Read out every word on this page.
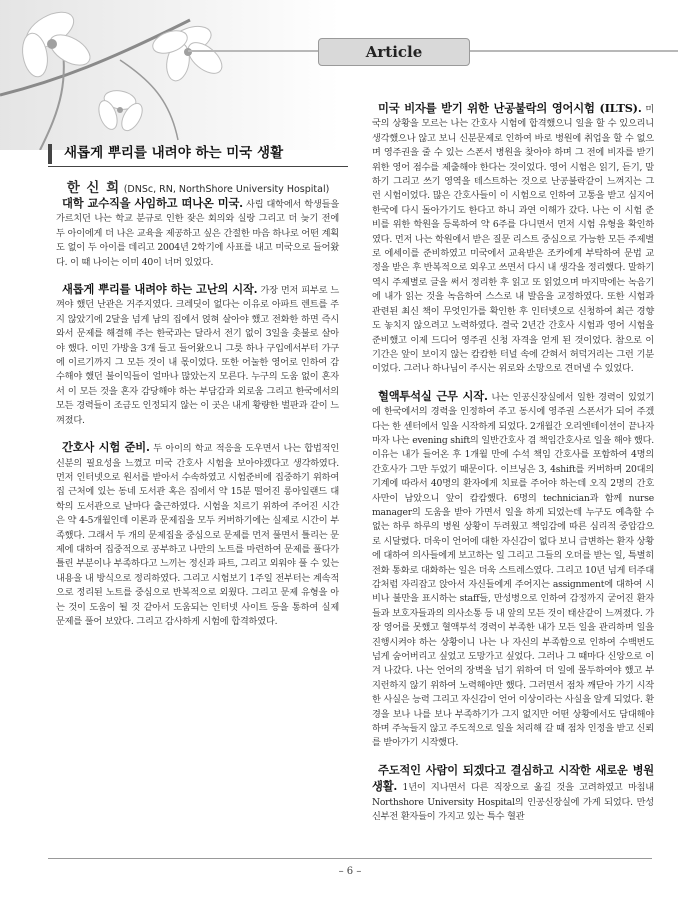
Article
새롭게 뿌리를 내려야 하는 미국 생활
한 신 희 (DNSc, RN, NorthShore University Hospital)

대학 교수직을 사임하고 떠나온 미국. 사립 대학에서 학생들을 가르치던 나는 학교 분규로 인한 잦은 회의와 실랑 그리고 더 늦기 전에 두 아이에게 더 나은 교육을 제공하고 싶은 간절한 마음 하나로 어떤 계획도 없이 두 아이를 데리고 2004년 2학기에 사표를 내고 미국으로 들어왔다. 이 때 나이는 이미 40이 너머 있었다.

새롭게 뿌리를 내려야 하는 고난의 시작. 가장 먼저 피부로 느껴야 했던 난관은 거주지였다. 크레딧이 없다는 이유로 아파트 렌트를 주지 않았기에 2달을 넘게 남의 집에서 얹혀 살아야 했고 전화한 하면 즉시 와서 문제를 해결해 주는 한국과는 달라서 전기 없이 3일을 촛불로 살아야 했다. 이민 가방을 3개 들고 들어왔으니 그릇 하나 구입에서부터 가구에 이르기까지 그 모든 것이 내 몫이었다. 또한 어눌한 영어로 인하여 감수해야 했던 불이익들이 얼마나 많았는지 모른다. 누구의 도움 없이 혼자서 이 모든 것을 혼자 감당해야 하는 부담감과 외로움 그리고 한국에서의 모든 경력들이 조금도 인정되지 않는 이 곳은 내게 황량한 벌판과 같이 느껴졌다.

간호사 시험 준비. 두 아이의 학교 적응을 도우면서 나는 합법적인 신분의 필요성을 느꼈고 미국 간호사 시험을 보아야겠다고 생각하였다. 먼저 인터넷으로 원서를 받아서 수속하였고 시험준비에 집중하기 위하여 집 근처에 있는 동네 도서관 혹은 집에서 약 15분 떨어진 롱아일랜드 대학의 도서관으로 날마다 출근하였다. 시험을 치르기 위하여 주어진 시간은 약 4-5개월인데 이론과 문제집을 모두 커버하기에는 실제로 시간이 부족했다. 그래서 두 개의 문제집을 중심으로 문제를 먼저 풀면서 틀리는 문제에 대하여 집중적으로 공부하고 나만의 노트를 마련하여 문제를 풀다가 틀린 부분이나 부족하다고 느끼는 정신과 파트, 그리고 외워야 풀 수 있는 내용을 내 방식으로 정리하였다. 그리고 시험보기 1주일 전부터는 계속적으로 정리된 노트를 중심으로 반복적으로 외웠다. 그리고 문제 유형을 아는 것이 도움이 될 것 같아서 도움되는 인터넷 사이트 등을 통하여 실제 문제를 풀어 보았다. 그리고 감사하게 시험에 합격하였다.

미국 비자를 받기 위한 난공불락의 영어시험 (ILTS). 미국의 상황을 모르는 나는 간호사 시험에 합격했으니 일을 할 수 있으리니 생각했으나 않고 보니 신분문제로 인하여 바로 병원에 취업을 할 수 없으며 영주권을 줄 수 있는 스폰서 병원을 찾아야 하며 그 전에 비자를 받기 위한 영어 점수를 제출해야 한다는 것이었다. 영어 시험은 읽기, 듣기, 말하기 그리고 쓰기 영역을 테스트하는 것으로 난공불락같이 느껴지는 그런 시험이었다. 많은 간호사들이 이 시험으로 인하여 고통을 받고 심지어 한국에 다시 돌아가기도 한다고 하니 과연 이해가 갔다. 나는 이 시험 준비를 위한 학원을 등록하여 약 6주를 다니면서 먼저 시험 유형을 확인하였다. 먼저 나는 학원에서 받은 질문 리스트 중심으로 가능한 모든 주제별로 에세이를 준비하였고 미국에서 교육받은 조카에게 부탁하여 문법 교정을 받은 후 반복적으로 외우고 쓰면서 다시 내 생각을 정리했다. 말하기 역시 주제별로 글을 써서 정리한 후 읽고 또 읽었으며 마지막에는 녹음기에 내가 읽는 것을 녹음하여 스스로 내 발음을 교정하였다. 또한 시험과 관련된 최신 책이 무엇인가를 확인한 후 인터넷으로 신청하여 최근 경향도 놓치지 않으려고 노력하였다. 결국 2년간 간호사 시험과 영어 시험을 준비했고 이제 드디어 영주권 신청 자격을 얻게 된 것이었다. 참으로 이 기간은 앞이 보이지 않는 캄캄한 터널 속에 갇혀서 허덕거리는 그런 기분이었다. 그러나 하나님이 주시는 위로와 소망으로 견뎌낼 수 있었다.

혈액투석실 근무 시작. 나는 인공신장실에서 일한 경력이 있었기에 한국에서의 경력을 인정하여 주고 동시에 영주권 스폰서가 되어 주겠다는 한 센터에서 일을 시작하게 되었다. 2개월간 오리엔테이션이 끝나자 마자 나는 evening shift의 일반간호사 겸 책임간호사로 일을 해야 했다. 이유는 내가 들어온 후 1개월 만에 수석 책임 간호사를 포함하여 4명의 간호사가 그만 두었기 때문이다. 이브닝은 3, 4shift를 커버하며 20대의 기계에 따라서 40명의 환자에게 치료를 주어야 하는데 오직 2명의 간호사만이 남았으니 앞이 캄캄했다. 6명의 technician과 함께 nurse manager의 도움을 받아 가면서 일을 하게 되었는데 누구도 예측할 수 없는 하루 하루의 병원 상황이 두려웠고 책임감에 따른 심리적 중압감으로 시달렸다. 더욱이 언어에 대한 자신감이 없다 보니 급변하는 환자 상황에 대하여 의사들에게 보고하는 일 그리고 그들의 오더를 받는 일, 특별히 전화 통화로 대화하는 일은 더욱 스트레스였다. 그리고 10년 넘게 터주대감처럼 자리잡고 앉아서 자신들에게 주어지는 assignment에 대하여 시비나 불만을 표시하는 staff들, 만성병으로 인하여 감정까지 굳어진 환자들과 보호자들과의 의사소통 등 내 앞의 모든 것이 태산같이 느껴졌다. 가장 영어를 못했고 혈액투석 경력이 부족한 내가 모든 일을 관리하며 일을 진행시켜야 하는 상황이니 나는 나 자신의 부족함으로 인하여 수백번도 넘게 숨어버리고 싶었고 도망가고 싶었다. 그러나 그 때마다 신앙으로 이겨 나갔다. 나는 언어의 장벽을 넘기 위하여 더 일에 몰두하여야 했고 부지런하지 않기 위하여 노력해야만 했다. 그러면서 점차 깨닫아 가기 시작한 사실은 능력 그리고 자신감이 언어 이상이라는 사실을 알게 되었다. 환경을 보나 나를 보나 부족하기가 그지 없지만 어떤 상황에서도 담대해야 하며 주눅들지 않고 주도적으로 일을 처리해 갈 때 점차 인정을 받고 신뢰를 받아가기 시작했다.

주도적인 사람이 되겠다고 결심하고 시작한 새로운 병원생활. 1년이 지나면서 다른 직장으로 옮길 것을 고려하였고 마침내 Northshore University Hospital의 인공신장실에 가게 되었다. 만성 신부전 환자들이 가지고 있는 특수 혈관

– 6 –
